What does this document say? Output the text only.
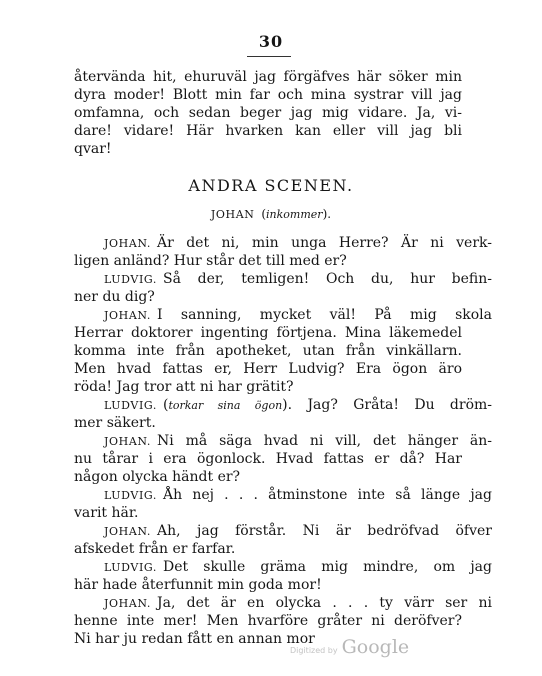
30
återvända hit, ehuruväl jag förgäfves här söker min
dyra moder! Blott min far och mina systrar vill jag
omfamna, och sedan beger jag mig vidare. Ja, vi-
dare! vidare! Här hvarken kan eller vill jag bli
qvar!
ANDRA SCENEN.
JOHAN (inkommer).
JOHAN. Är det ni, min unga Herre? Är ni verk-
ligen anländ? Hur står det till med er?
LUDVIG. Så der, temligen! Och du, hur befin-
ner du dig?
JOHAN. I sanning, mycket väl! På mig skola
Herrar doktorer ingenting förtjena. Mina läkemedel
komma inte från apotheket, utan från vinkällarn.
Men hvad fattas er, Herr Ludvig? Era ögon äro
röda! Jag tror att ni har grätit?
LUDVIG. (torkar sina ögon). Jag? Gråta! Du dröm-
mer säkert.
JOHAN. Ni må säga hvad ni vill, det hänger än-
nu tårar i era ögonlock. Hvad fattas er då? Har
någon olycka händt er?
LUDVIG. Åh nej . . . åtminstone inte så länge jag
varit här.
JOHAN. Ah, jag förstår. Ni är bedröfvad öfver
afskedet från er farfar.
LUDVIG. Det skulle gräma mig mindre, om jag
här hade återfunnit min goda mor!
JOHAN. Ja, det är en olycka . . . ty värr ser ni
henne inte mer! Men hvarföre gråter ni deröfver?
Ni har ju redan fått en annan mor
Digitized by Google
